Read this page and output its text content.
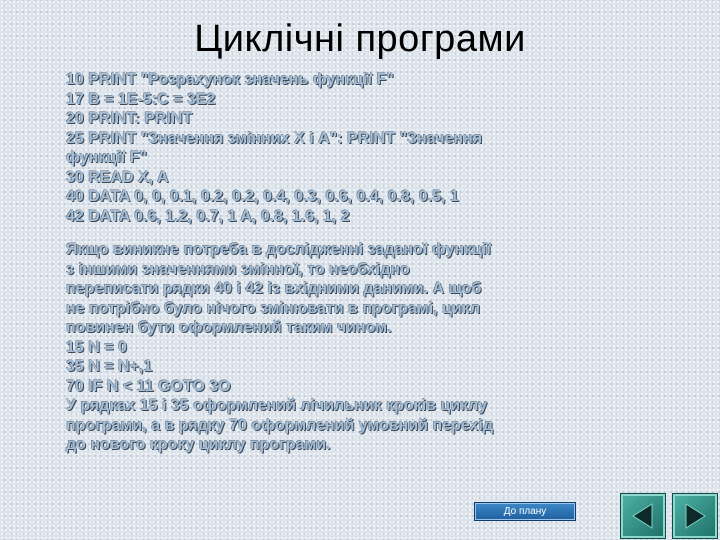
Циклічні програми
10 PRINT "Розрахунок значень функції F"
17 B = 1E-5:C = 3E2
20 PRINT: PRINT
25 PRINT "Значення змінних X і A": PRINT "Значення
функції F"
30 READ X, A
40 DATA 0, 0, 0.1, 0.2, 0.2, 0.4, 0.3, 0.6, 0.4, 0.8, 0.5, 1
42 DATA 0.6, 1.2, 0.7, 1 A, 0.8, 1.6, 1, 2
Якщо виникне потреба в дослідженні заданої функції
з іншими значеннями змінної, то необхідно
переписати рядки 40 і 42 із вхідними даними. А щоб
не потрібно було нічого змінювати в програмі, цикл
повинен бути оформлений таким чином.
15 N = 0
35 N = N+,1
70 IF N < 11 GOTO 3O
У рядках 15 і 35 оформлений лічильник кроків циклу
програми, а в рядку 70 оформлений умовний перехід
до нового кроку циклу програми.
До плану
